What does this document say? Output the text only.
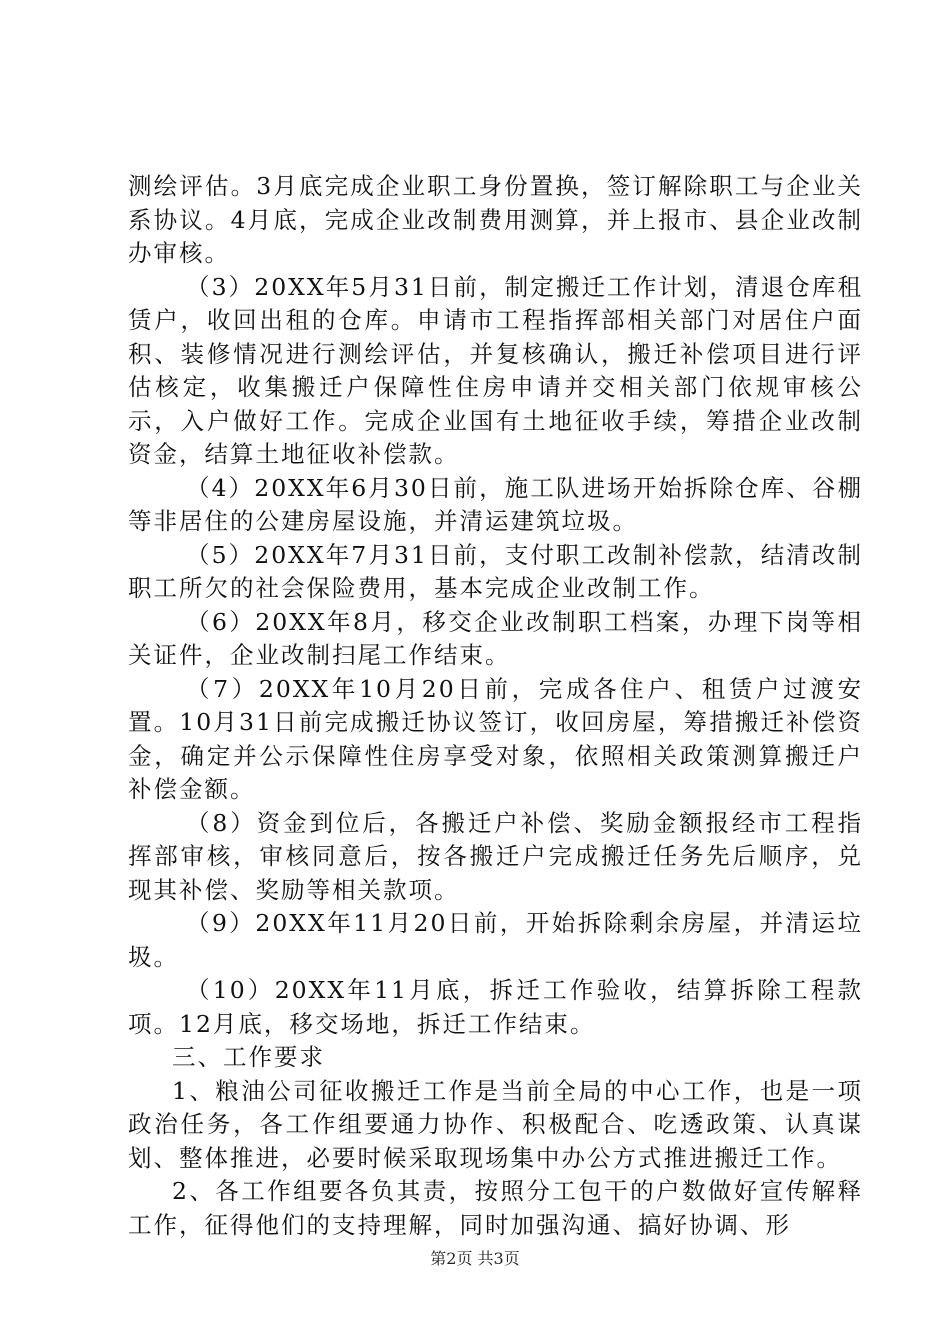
测绘评估。3月底完成企业职工身份置换，签订解除职工与企业关系协议。4月底，完成企业改制费用测算，并上报市、县企业改制办审核。

（3）20XX年5月31日前，制定搬迁工作计划，清退仓库租赁户，收回出租的仓库。申请市工程指挥部相关部门对居住户面积、装修情况进行测绘评估，并复核确认，搬迁补偿项目进行评估核定，收集搬迁户保障性住房申请并交相关部门依规审核公示，入户做好工作。完成企业国有土地征收手续，筹措企业改制资金，结算土地征收补偿款。

（4）20XX年6月30日前，施工队进场开始拆除仓库、谷棚等非居住的公建房屋设施，并清运建筑垃圾。

（5）20XX年7月31日前，支付职工改制补偿款，结清改制职工所欠的社会保险费用，基本完成企业改制工作。

（6）20XX年8月，移交企业改制职工档案，办理下岗等相关证件，企业改制扫尾工作结束。

（7）20XX年10月20日前，完成各住户、租赁户过渡安置。10月31日前完成搬迁协议签订，收回房屋，筹措搬迁补偿资金，确定并公示保障性住房享受对象，依照相关政策测算搬迁户补偿金额。

（8）资金到位后，各搬迁户补偿、奖励金额报经市工程指挥部审核，审核同意后，按各搬迁户完成搬迁任务先后顺序，兑现其补偿、奖励等相关款项。

（9）20XX年11月20日前，开始拆除剩余房屋，并清运垃圾。

（10）20XX年11月底，拆迁工作验收，结算拆除工程款项。12月底，移交场地，拆迁工作结束。

三、工作要求

1、粮油公司征收搬迁工作是当前全局的中心工作，也是一项政治任务，各工作组要通力协作、积极配合、吃透政策、认真谋划、整体推进，必要时候采取现场集中办公方式推进搬迁工作。

2、各工作组要各负其责，按照分工包干的户数做好宣传解释工作，征得他们的支持理解，同时加强沟通、搞好协调、形

第2页 共3页
